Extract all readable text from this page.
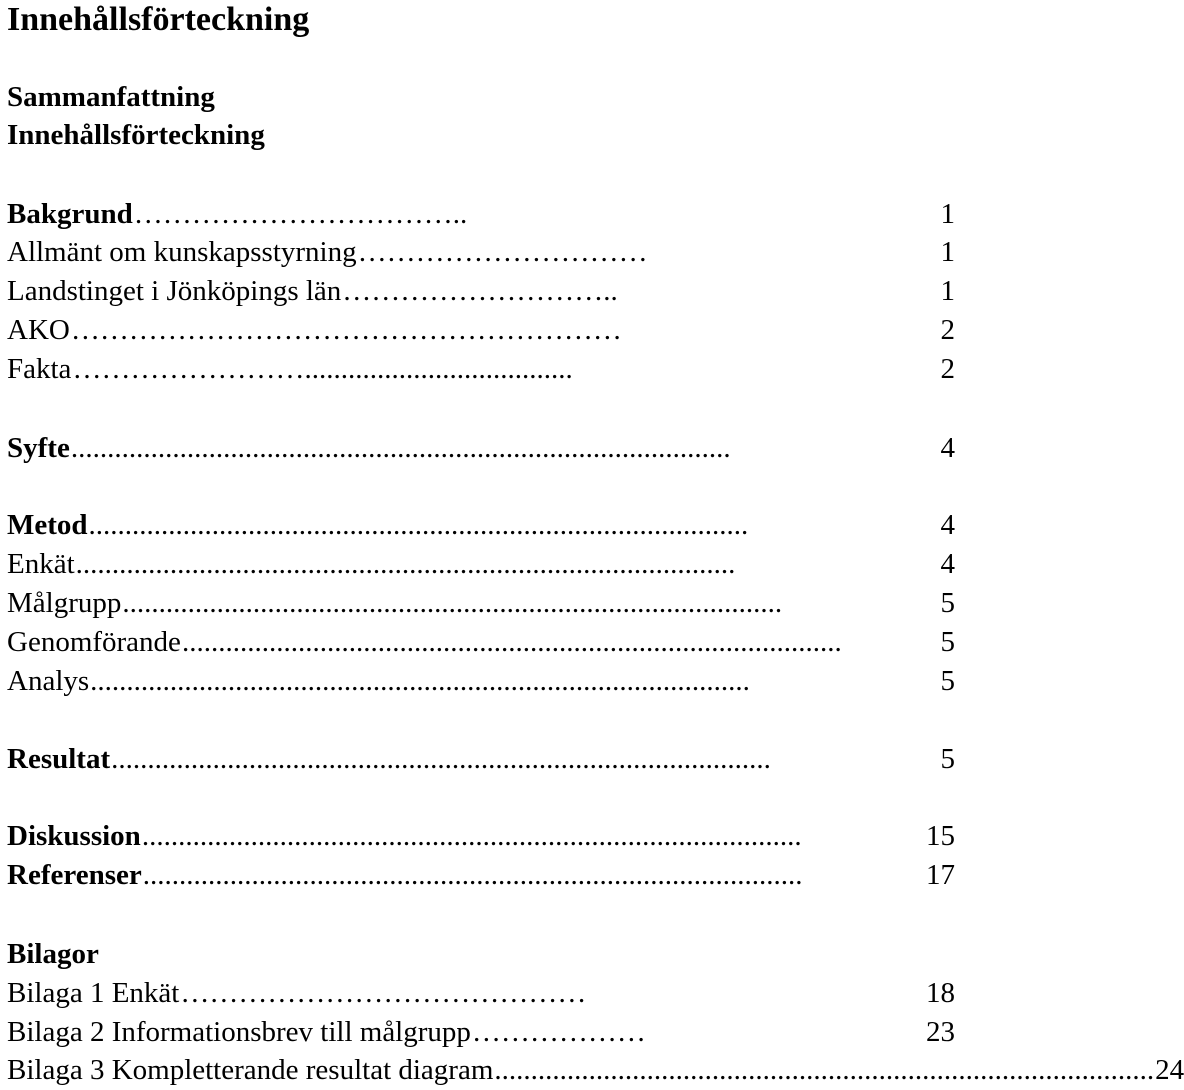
Innehållsförteckning
Sammanfattning
Innehållsförteckning
Bakgrund ……………………………..	1
Allmänt om kunskapsstyrning …………………………	1
Landstinget i Jönköpings län ………………………..	1
AKO …………………………………………………	2
Fakta …………………….....................................	2
Syfte ...........................................................................................	4
Metod ...........................................................................................	4
Enkät ...........................................................................................	4
Målgrupp ...........................................................................................	5
Genomförande ...........................................................................................	5
Analys ...........................................................................................	5
Resultat ...........................................................................................	5
Diskussion ...........................................................................................	15
Referenser ...........................................................................................	17
Bilagor
Bilaga 1 Enkät ……………………………………	18
Bilaga 2 Informationsbrev till målgrupp ………………	23
Bilaga 3 Kompletterande resultat diagram ........................................................................................... 24
